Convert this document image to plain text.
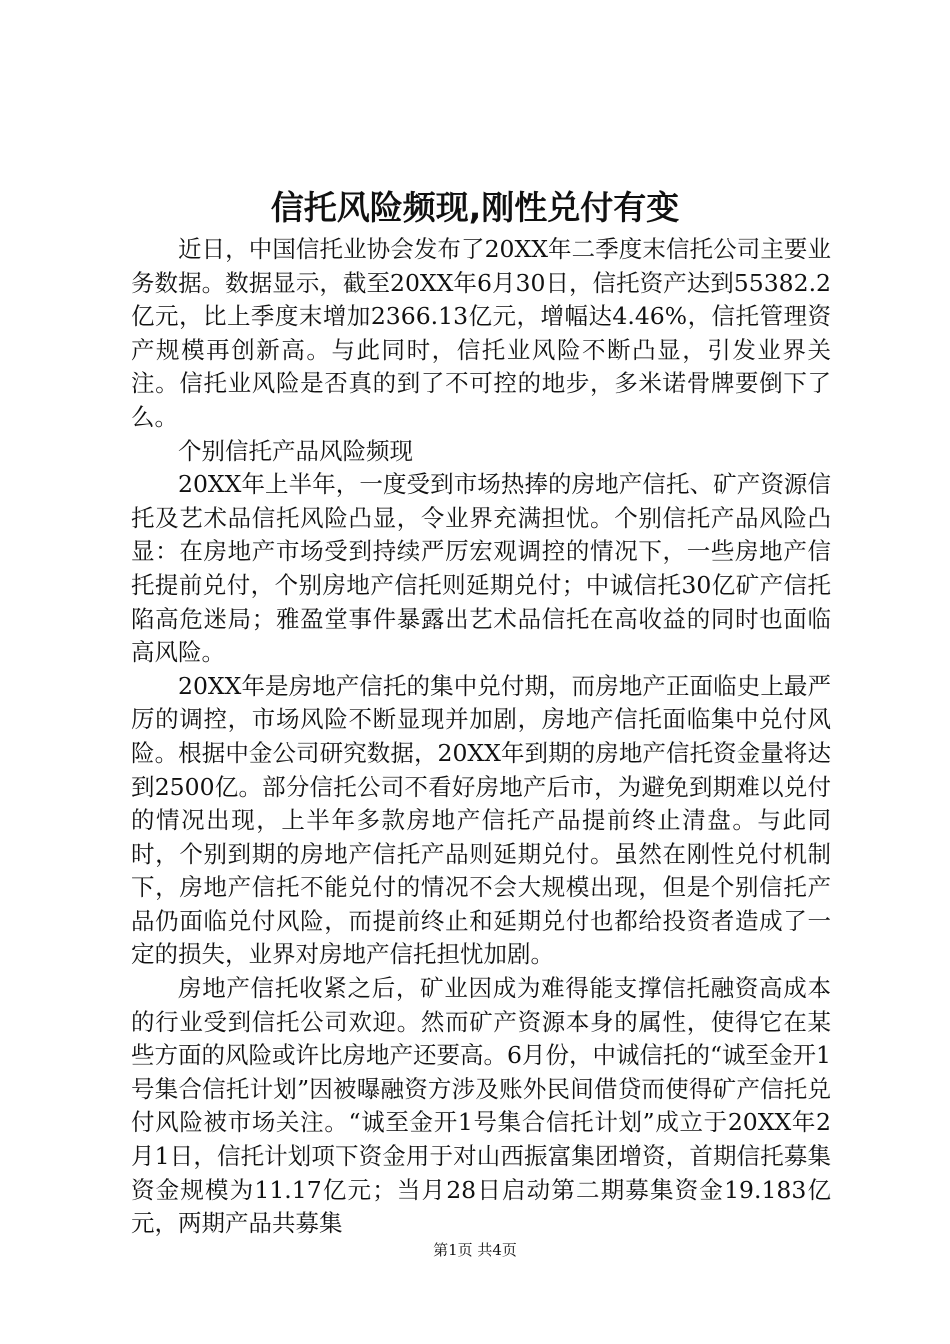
信托风险频现,刚性兑付有变

近日，中国信托业协会发布了20XX年二季度末信托公司主要业务数据。数据显示，截至20XX年6月30日，信托资产达到55382.2亿元，比上季度末增加2366.13亿元，增幅达4.46%，信托管理资产规模再创新高。与此同时，信托业风险不断凸显，引发业界关注。信托业风险是否真的到了不可控的地步，多米诺骨牌要倒下了么。

个别信托产品风险频现

20XX年上半年，一度受到市场热捧的房地产信托、矿产资源信托及艺术品信托风险凸显，令业界充满担忧。个别信托产品风险凸显：在房地产市场受到持续严厉宏观调控的情况下，一些房地产信托提前兑付，个别房地产信托则延期兑付；中诚信托30亿矿产信托陷高危迷局；雅盈堂事件暴露出艺术品信托在高收益的同时也面临高风险。

20XX年是房地产信托的集中兑付期，而房地产正面临史上最严厉的调控，市场风险不断显现并加剧，房地产信托面临集中兑付风险。根据中金公司研究数据，20XX年到期的房地产信托资金量将达到2500亿。部分信托公司不看好房地产后市，为避免到期难以兑付的情况出现，上半年多款房地产信托产品提前终止清盘。与此同时，个别到期的房地产信托产品则延期兑付。虽然在刚性兑付机制下，房地产信托不能兑付的情况不会大规模出现，但是个别信托产品仍面临兑付风险，而提前终止和延期兑付也都给投资者造成了一定的损失，业界对房地产信托担忧加剧。

房地产信托收紧之后，矿业因成为难得能支撑信托融资高成本的行业受到信托公司欢迎。然而矿产资源本身的属性，使得它在某些方面的风险或许比房地产还要高。6月份，中诚信托的“诚至金开1号集合信托计划”因被曝融资方涉及账外民间借贷而使得矿产信托兑付风险被市场关注。“诚至金开1号集合信托计划”成立于20XX年2月1日，信托计划项下资金用于对山西振富集团增资，首期信托募集资金规模为11.17亿元；当月28日启动第二期募集资金19.183亿元，两期产品共募集

第1页 共4页
